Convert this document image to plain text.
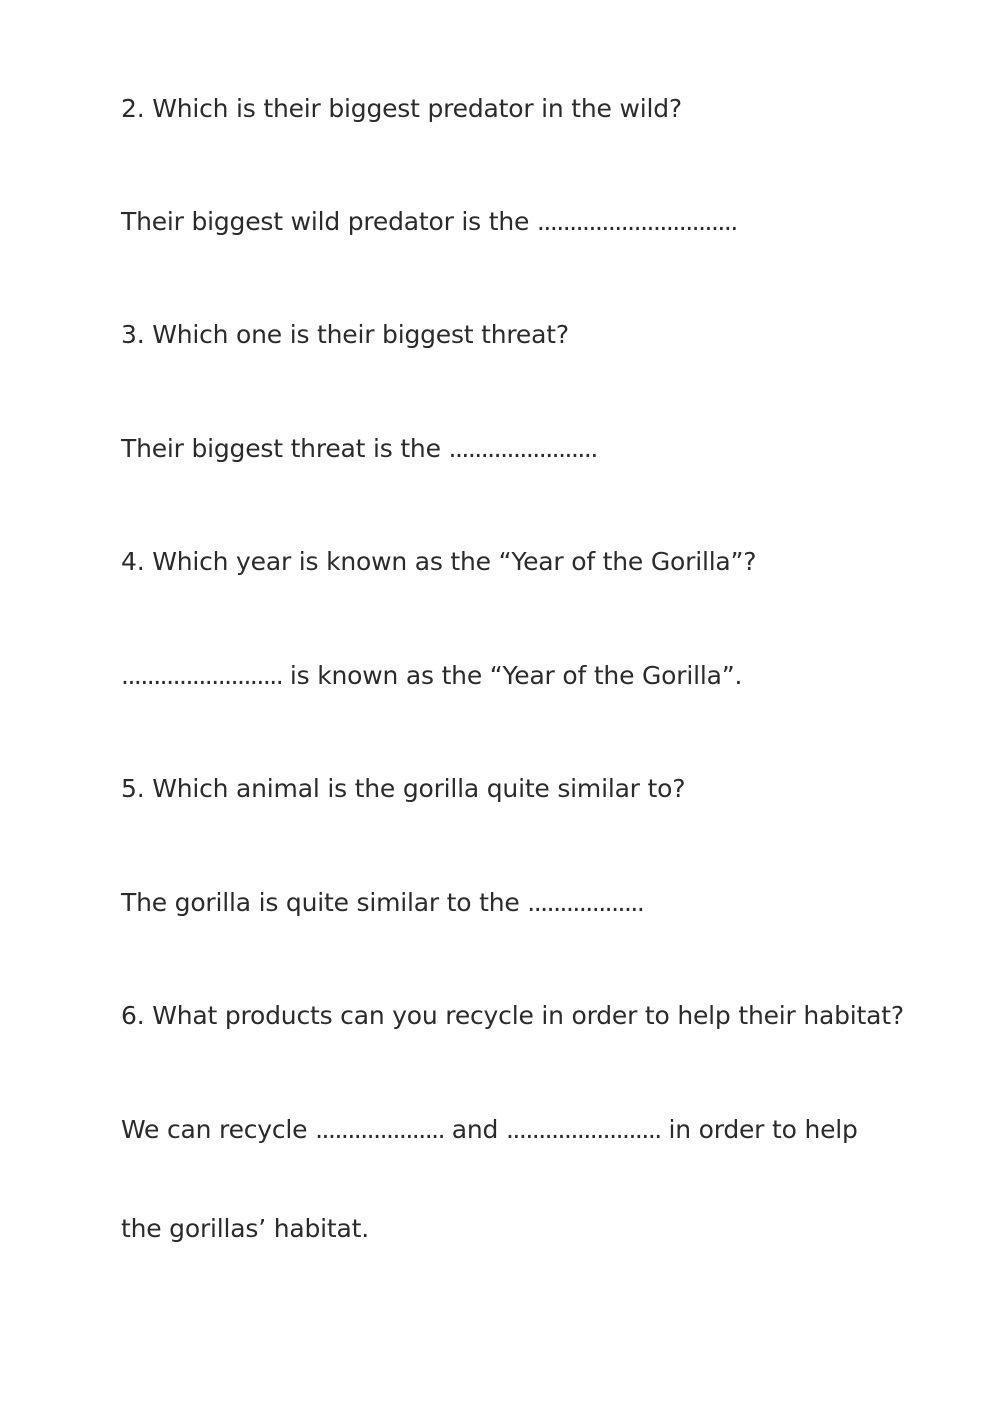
2. Which is their biggest predator in the wild?
Their biggest wild predator is the ...............................
3. Which one is their biggest threat?
Their biggest threat is the .......................
4. Which year is known as the “Year of the Gorilla”?
......................... is known as the “Year of the Gorilla”.
5. Which animal is the gorilla quite similar to?
The gorilla is quite similar to the ..................
6. What products can you recycle in order to help their habitat?
We can recycle .................... and ........................ in order to help
the gorillas’ habitat.
